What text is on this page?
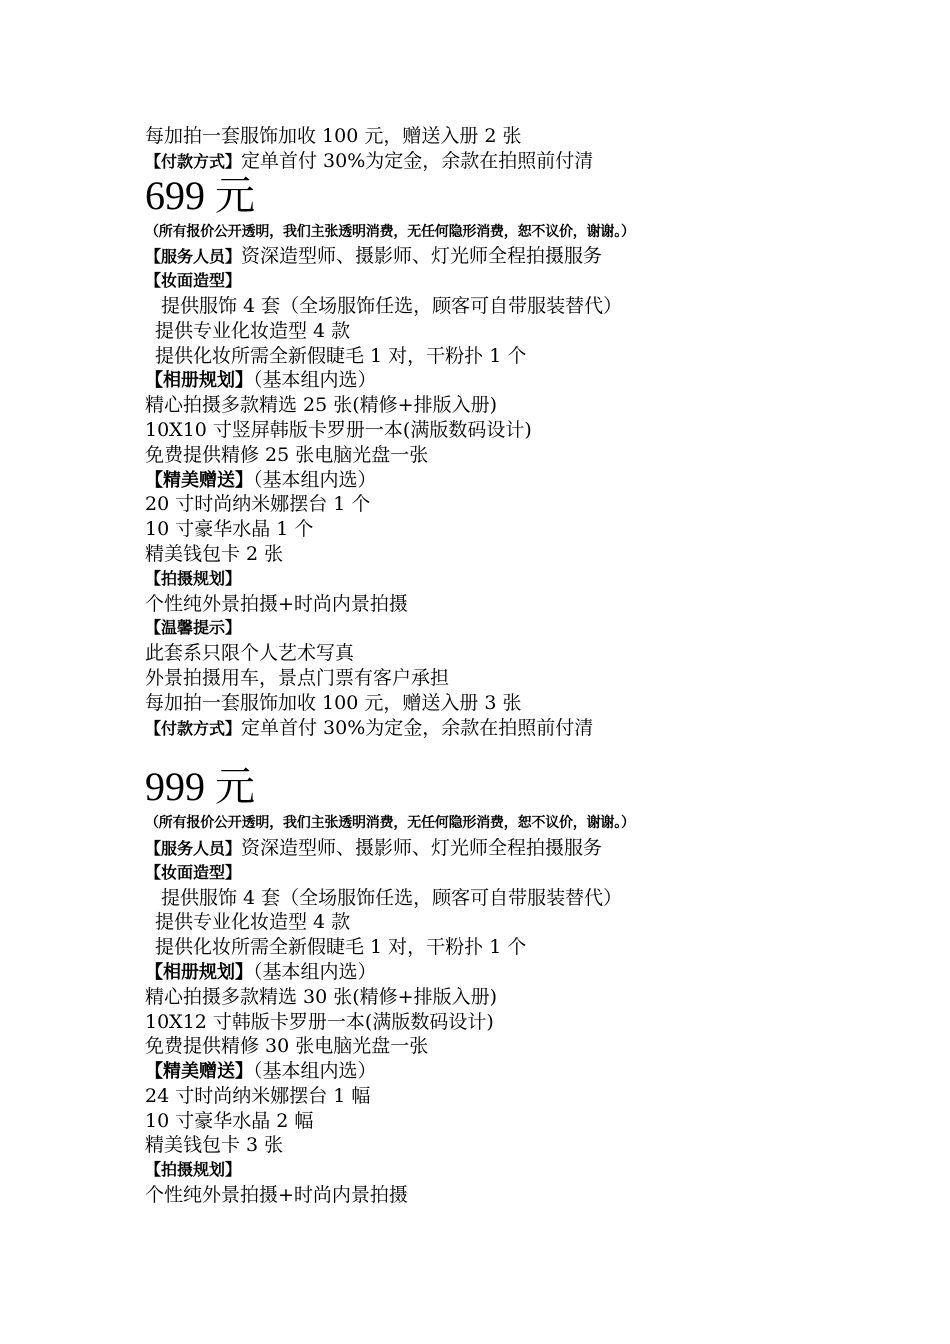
每加拍一套服饰加收 100 元，赠送入册 2 张
【付款方式】定单首付 30%为定金，余款在拍照前付清
699 元
（所有报价公开透明，我们主张透明消费，无任何隐形消费，恕不议价，谢谢。）
【服务人员】资深造型师、摄影师、灯光师全程拍摄服务
【妆面造型】
提供服饰 4 套（全场服饰任选，顾客可自带服装替代）
提供专业化妆造型 4 款
提供化妆所需全新假睫毛 1 对，干粉扑 1 个
【相册规划】（基本组内选）
精心拍摄多款精选 25 张(精修+排版入册)
10X10 寸竖屏韩版卡罗册一本(满版数码设计)
免费提供精修 25 张电脑光盘一张
【精美赠送】（基本组内选）
20 寸时尚纳米娜摆台 1 个
10 寸豪华水晶 1 个
精美钱包卡 2 张
【拍摄规划】
个性纯外景拍摄+时尚内景拍摄
【温馨提示】
此套系只限个人艺术写真
外景拍摄用车，景点门票有客户承担
每加拍一套服饰加收 100 元，赠送入册 3 张
【付款方式】定单首付 30%为定金，余款在拍照前付清
999 元
（所有报价公开透明，我们主张透明消费，无任何隐形消费，恕不议价，谢谢。）
【服务人员】资深造型师、摄影师、灯光师全程拍摄服务
【妆面造型】
提供服饰 4 套（全场服饰任选，顾客可自带服装替代）
提供专业化妆造型 4 款
提供化妆所需全新假睫毛 1 对，干粉扑 1 个
【相册规划】（基本组内选）
精心拍摄多款精选 30 张(精修+排版入册)
10X12 寸韩版卡罗册一本(满版数码设计)
免费提供精修 30 张电脑光盘一张
【精美赠送】（基本组内选）
24 寸时尚纳米娜摆台 1 幅
10 寸豪华水晶 2 幅
精美钱包卡 3 张
【拍摄规划】
个性纯外景拍摄+时尚内景拍摄
